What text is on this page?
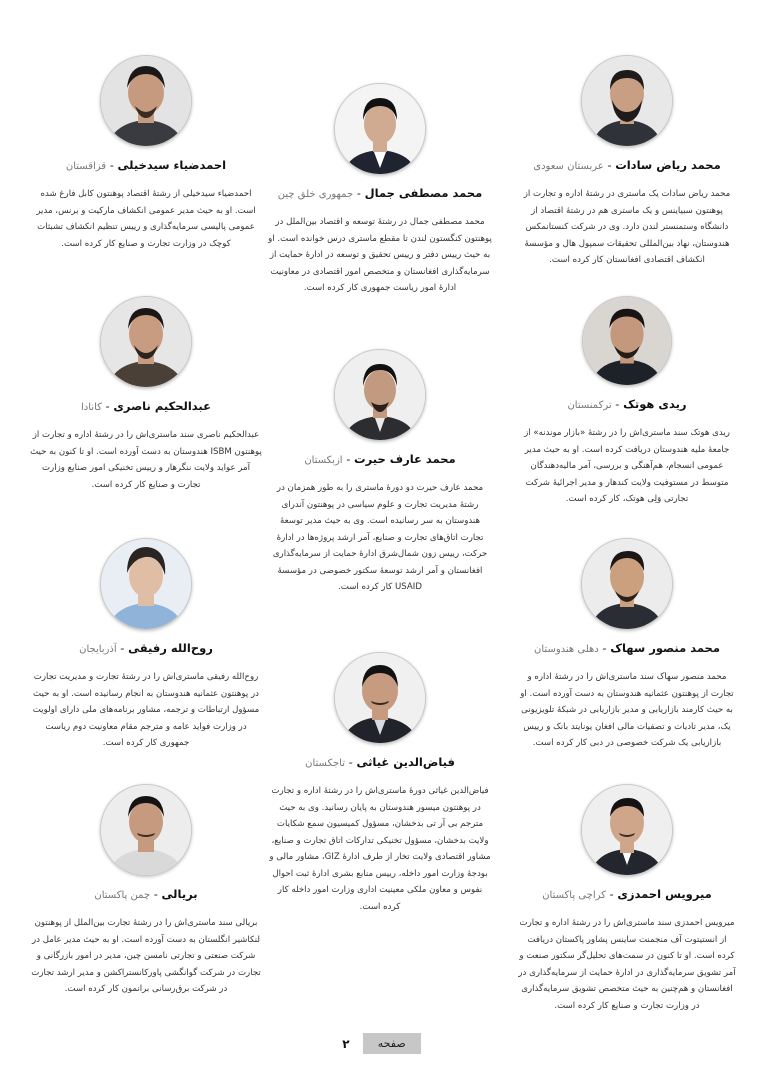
محمد ریاض سادات - عربستان سعودی
محمد ریاض سادات یک ماستری در رشتهٔ اداره و تجارت از پوهنتون سبیاینس و یک ماستری هم در رشتهٔ اقتصاد از دانشگاه وستمنستر لندن دارد. وی در شرکت کنستانمکس هندوستان، نهاد بین‌المللی تحقیقات سمپول هال و مؤسسهٔ انکشاف اقتصادی افغانستان کار کرده است.
ریدی هوتک - ترکمنستان
ریدی هوتک سند ماستری‌اش را در رشتهٔ «بازار موندنه» از جامعهٔ ملیه هندوستان دریافت کرده است. او به حیث مدیر عمومی انسجام، هم‌آهنگی و بررسی، آمر مالیه‌دهندگان متوسط در مستوفیت ولایت کندهار و مدیر اجرائیهٔ شرکت تجارتی وَلِی هوتک، کار کرده است.
محمد منصور سهاک - دهلی هندوستان
محمد منصور سهاک سند ماستری‌اش را در رشتهٔ اداره و تجارت از پوهنتون عثمانیه هندوستان به دست آورده است. او به حیث کارمند بازاریابی و مدیر بازاریابی در شبکهٔ تلویزیونی یک، مدیر تادیات و تصفیات مالی افغان یونایتد بانک و رییس بازاریابی یک شرکت خصوصی در دبی کار کرده است.
میرویس احمدزی - کراچی پاکستان
میرویس احمدزی سند ماستری‌اش را در رشتهٔ اداره و تجارت از انستیتوت آف منجمنت ساینس پشاور پاکستان دریافت کرده است. او تا کنون در سمت‌های تحلیل‌گر سکتور صنعت و آمر تشویق سرمایه‌گذاری در ادارهٔ حمایت از سرمایه‌گذاری در افغانستان و هم‌چنین به حیث متخصص تشویق سرمایه‌گذاری در وزارت تجارت و صنایع کار کرده است.
محمد مصطفی جمال - جمهوری خلق چین
محمد مصطفی جمال در رشتهٔ توسعه و اقتصاد بین‌الملل در پوهنتون کنگستون لندن تا مقطع ماستری درس خوانده است. او به حیث رییس دفتر و رییس تحقیق و توسعه در ادارهٔ حمایت از سرمایه‌گذاری افغانستان و متخصص امور اقتصادی در معاونیت ادارهٔ امور ریاست جمهوری کار کرده است.
محمد عارف حیرت - ازبکستان
محمد عارف حیرت دو دورهٔ ماستری را به طور همزمان در رشتهٔ مدیریت تجارت و علوم سیاسی در پوهنتون آندرای هندوستان به سر رسانیده است. وی به حیث مدیر توسعهٔ تجارت اتاق‌های تجارت و صنایع، آمر ارشد پروژه‌ها در ادارهٔ حرکت، رییس زون شمال‌شرق ادارهٔ حمایت از سرمایه‌گذاری افغانستان و آمر ارشد توسعهٔ سکتور خصوصی در مؤسسهٔ USAID کار کرده است.
فیاض‌الدین غیاثی - تاجکستان
فیاض‌الدین غیاثی دورهٔ ماستری‌اش را در رشتهٔ اداره و تجارت در پوهنتون میسور هندوستان به پایان رسانید. وی به حیث مترجم بی آر تی بدخشان، مسؤول کمیسیون سمع شکایات ولایت بدخشان، مسؤول تخنیکی تدارکات اتاق تجارت و صنایع، مشاور اقتصادی ولایت تخار از طرف ادارهٔ GIZ، مشاور مالی و بودجهٔ وزارت امور داخله، رییس منابع بشری ادارهٔ ثبت احوال نفوس و معاون ملکی معینیت اداری وزارت امور داخله کار کرده است.
احمدضیاء سیدخیلی - قزاقستان
احمدضیاء سیدخیلی از رشتهٔ اقتصاد پوهنتون کابل فارغ شده است. او به حیث مدیر عمومی انکشاف مارکیت و برنس، مدیر عمومی پالیسی سرمایه‌گذاری و رییس تنظیم انکشاف تشبثات کوچک در وزارت تجارت و صنایع کار کرده است.
عبدالحکیم ناصری - کانادا
عبدالحکیم ناصری سند ماستری‌اش را در رشتهٔ اداره و تجارت از پوهنتون ISBM هندوستان به دست آورده است. او تا کنون به حیث آمر عواید ولایت ننگرهار و رییس تخنیکی امور صنایع وزارت تجارت و صنایع کار کرده است.
روح‌الله رفیقی - آذربایجان
روح‌الله رفیقی ماستری‌اش را در رشتهٔ تجارت و مدیریت تجارت در پوهنتون عثمانیه هندوستان به انجام رسانیده است. او به حیث مسؤول ارتباطات و ترجمه، مشاور برنامه‌های ملی دارای اولویت در وزارت فواید عامه و مترجم مقام معاونیت دوم ریاست جمهوری کار کرده است.
بریالی - چمن پاکستان
بریالی سند ماستری‌اش را در رشتهٔ تجارت بین‌الملل از پوهنتون لنکاشیر انگلستان به دست آورده است. او به حیث مدیر عامل در شرکت صنعتی و تجارتی نامسن چین، مدیر در امور بازرگانی و تجارت در شرکت گوانگشی پاورکانستراکشن و مدیر ارشد تجارت در شرکت برق‌رسانی برانمون کار کرده است.
صفحه ۲
